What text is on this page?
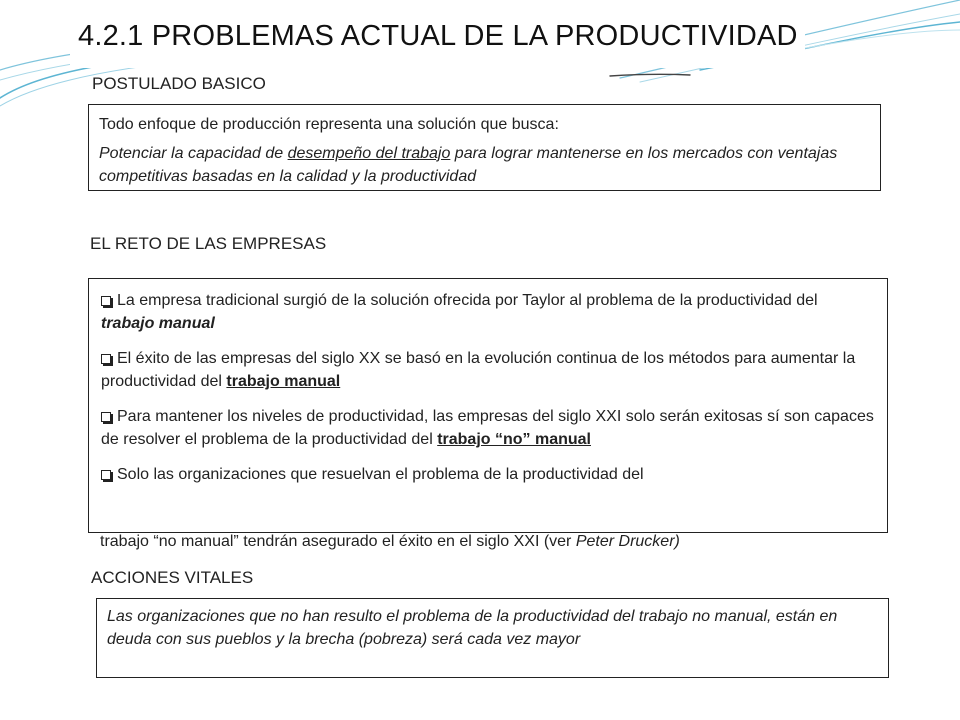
4.2.1 PROBLEMAS ACTUAL DE LA PRODUCTIVIDAD
POSTULADO BASICO

Todo enfoque de producción representa una solución que busca:

Potenciar la capacidad de desempeño del trabajo para lograr mantenerse en los mercados con ventajas competitivas basadas en la calidad y la productividad

EL RETO DE LAS EMPRESAS

La empresa tradicional surgió de la solución ofrecida por Taylor al problema de la productividad del trabajo manual

El éxito de las empresas del siglo XX se basó en la evolución continua de los métodos para aumentar la productividad del trabajo manual

Para mantener los niveles de productividad, las empresas del siglo XXI solo serán exitosas sí son capaces de resolver el problema de la productividad del trabajo “no” manual

Solo las organizaciones que resuelvan el problema de la productividad del

trabajo “no manual” tendrán asegurado el éxito en el siglo XXI (ver Peter Drucker)
ACCIONES VITALES

Las organizaciones que no han resulto el problema de la productividad del trabajo no manual, están en deuda con sus pueblos y la brecha (pobreza) será cada vez mayor
